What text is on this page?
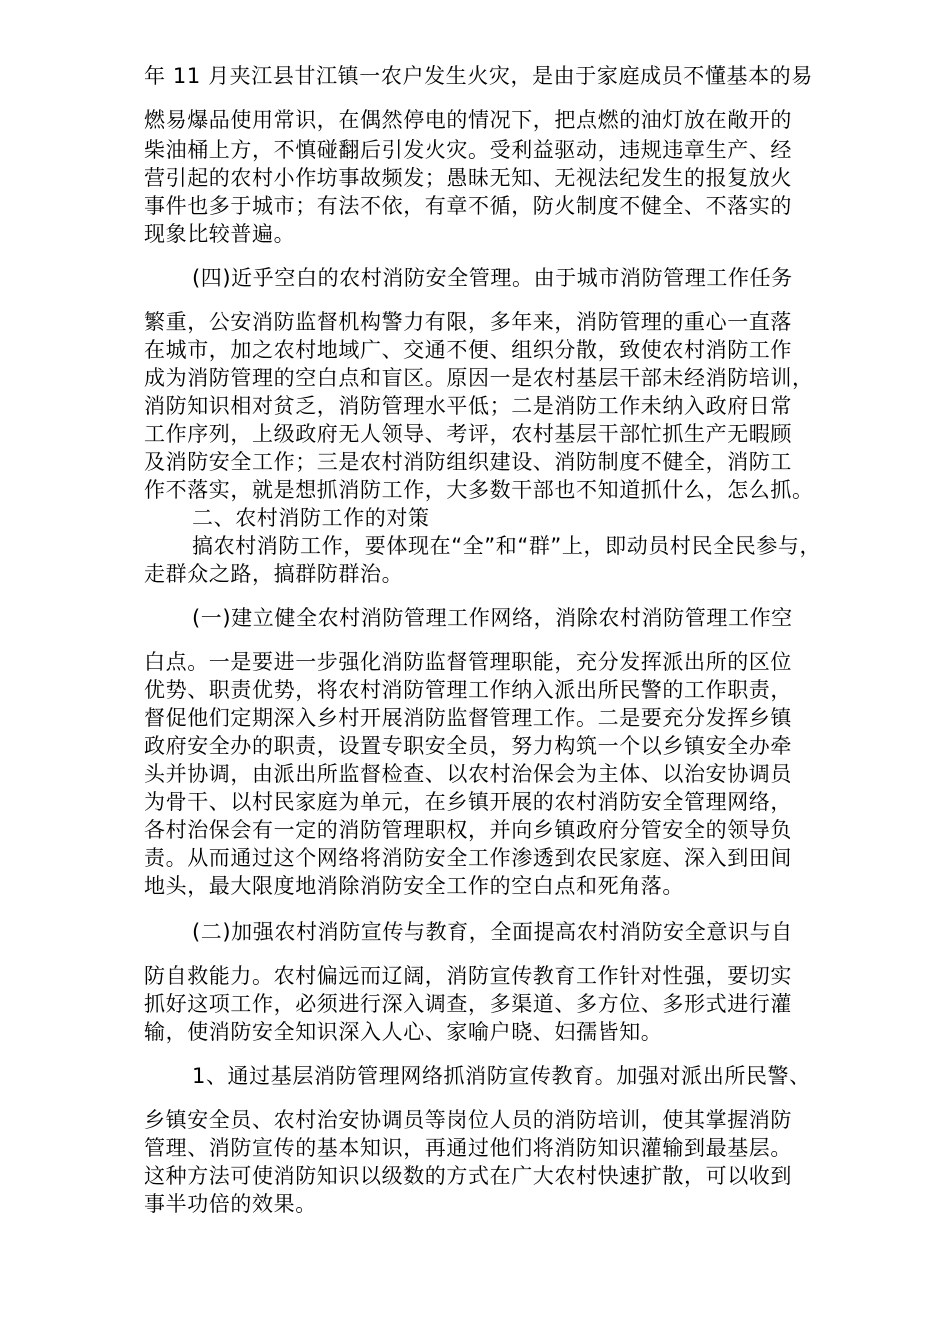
年 11 月夹江县甘江镇一农户发生火灾，是由于家庭成员不懂基本的易
燃易爆品使用常识，在偶然停电的情况下，把点燃的油灯放在敞开的
柴油桶上方，不慎碰翻后引发火灾。受利益驱动，违规违章生产、经
营引起的农村小作坊事故频发；愚昧无知、无视法纪发生的报复放火
事件也多于城市；有法不依，有章不循，防火制度不健全、不落实的
现象比较普遍。
(四)近乎空白的农村消防安全管理。由于城市消防管理工作任务
繁重，公安消防监督机构警力有限，多年来，消防管理的重心一直落
在城市，加之农村地域广、交通不便、组织分散，致使农村消防工作
成为消防管理的空白点和盲区。原因一是农村基层干部未经消防培训，
消防知识相对贫乏，消防管理水平低；二是消防工作未纳入政府日常
工作序列，上级政府无人领导、考评，农村基层干部忙抓生产无暇顾
及消防安全工作；三是农村消防组织建设、消防制度不健全，消防工
作不落实，就是想抓消防工作，大多数干部也不知道抓什么，怎么抓。
二、农村消防工作的对策
搞农村消防工作，要体现在“全”和“群”上，即动员村民全民参与，
走群众之路，搞群防群治。
(一)建立健全农村消防管理工作网络，消除农村消防管理工作空
白点。一是要进一步强化消防监督管理职能，充分发挥派出所的区位
优势、职责优势，将农村消防管理工作纳入派出所民警的工作职责，
督促他们定期深入乡村开展消防监督管理工作。二是要充分发挥乡镇
政府安全办的职责，设置专职安全员，努力构筑一个以乡镇安全办牵
头并协调，由派出所监督检查、以农村治保会为主体、以治安协调员
为骨干、以村民家庭为单元，在乡镇开展的农村消防安全管理网络，
各村治保会有一定的消防管理职权，并向乡镇政府分管安全的领导负
责。从而通过这个网络将消防安全工作渗透到农民家庭、深入到田间
地头，最大限度地消除消防安全工作的空白点和死角落。
(二)加强农村消防宣传与教育，全面提高农村消防安全意识与自
防自救能力。农村偏远而辽阔，消防宣传教育工作针对性强，要切实
抓好这项工作，必须进行深入调查，多渠道、多方位、多形式进行灌
输，使消防安全知识深入人心、家喻户晓、妇孺皆知。
1、通过基层消防管理网络抓消防宣传教育。加强对派出所民警、
乡镇安全员、农村治安协调员等岗位人员的消防培训，使其掌握消防
管理、消防宣传的基本知识，再通过他们将消防知识灌输到最基层。
这种方法可使消防知识以级数的方式在广大农村快速扩散，可以收到
事半功倍的效果。
